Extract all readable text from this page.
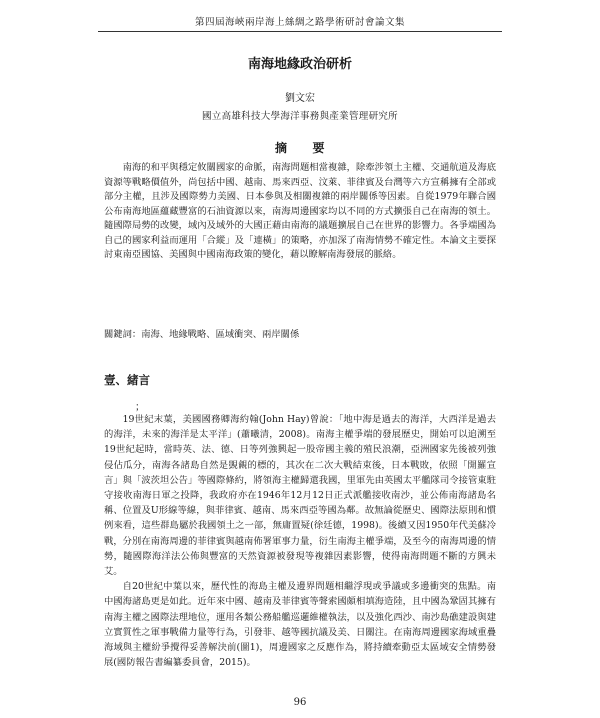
第四屆海峽兩岸海上絲綢之路學術研討會論文集
南海地緣政治研析
劉文宏
國立高雄科技大學海洋事務與產業管理研究所
摘　　要

南海的和平與穩定攸關國家的命脈，南海問題相當複雜，除牽涉領土主權、交通航道及海底資源等戰略價值外，尚包括中國、越南、馬來西亞、汶萊、菲律賓及台灣等六方宣稱擁有全部或部分主權，且涉及國際勢力美國、日本參與及相關複雜的兩岸關係等因素。自從1979年聯合國公布南海地區蘊藏豐富的石油資源以來，南海周邊國家均以不同的方式擴張自己在南海的領土。隨國際局勢的改變，域內及域外的大國正藉由南海的議題擴展自己在世界的影響力。各爭端國為自己的國家利益而運用「合縱」及「連橫」的策略，亦加深了南海情勢不確定性。本論文主要探討東南亞國協、美國與中國南海政策的變化，藉以瞭解南海發展的脈絡。

關鍵詞：南海、地緣戰略、區域衝突、兩岸關係
壹、緒言
；

19世紀末葉，美國國務卿海約翰(John Hay)曾說：「地中海是過去的海洋，大西洋是過去的海洋，未來的海洋是太平洋」(蕭曦清，2008)。南海主權爭端的發展歷史，開始可以追溯至19世紀起時，當時英、法、德、日等列強興起一股帝國主義的殖民浪潮，亞洲國家先後被列強侵佔瓜分，南海各諸島自然是覬覦的標的，其次在二次大戰結束後，日本戰敗，依照「開羅宣言」與「波茨坦公告」等國際條約，將領海主權歸還我國，里軍先由英國太平艦隊司令接管東駐守接收南海日軍之投降，我政府亦在1946年12月12日正式派艦接收南沙，並公佈南海諸島名稱、位置及U形線等線，與菲律賓、越南、馬來西亞等國為鄰。故無論從歷史、國際法原則和慣例來看，這些群島屬於我國領土之一部，無庸置疑(徐廷德，1998)。後續又因1950年代美蘇冷戰，分別在南海周邊的菲律賓與越南佈署軍事力量，衍生南海主權爭端，及至今的南海周邊的情勢，隨國際海洋法公佈與豐富的天然資源被發現等複雜因素影響，使得南海問題不斷的方興未艾。

自20世紀中葉以來，歷代性的海島主權及邊界問題相繼浮現或爭議或多邊衝突的焦點。南中國海諸島更是如此。近年來中國、越南及菲律賓等聲索國頗相填海造陸，且中國為鞏固其擁有南海主權之國際法理地位，運用各類公務船艦巡邏維權執法，以及強化西沙、南沙島礁建設與建立實質性之軍事戰備力量等行為，引發菲、越等國抗議及美、日關注。在南海周邊國家海域重疊海域與主權紛爭攪得妥善解決前(圖1)，周邊國家之反應作為，將持續牽動亞太區域安全情勢發展(國防報告書編纂委員會，2015)。

96
